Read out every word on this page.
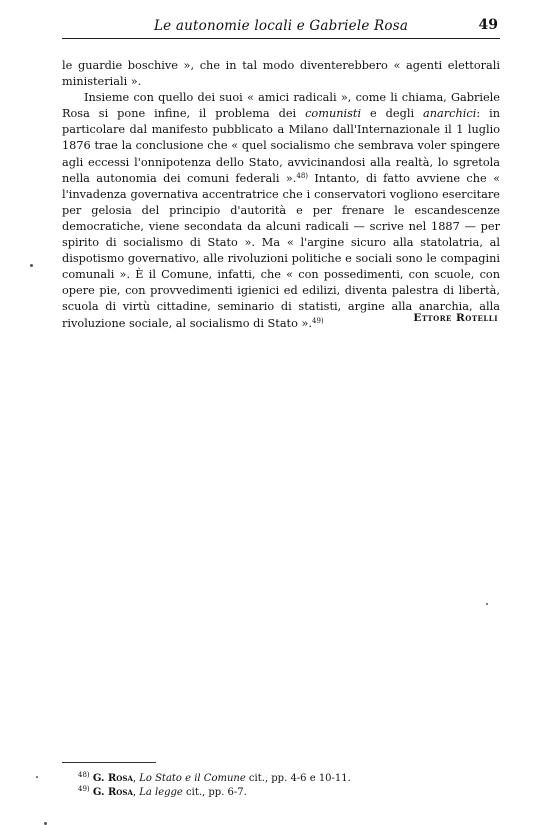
Le autonomie locali e Gabriele Rosa	49

le guardie boschive », che in tal modo diventerebbero « agenti elettorali ministeriali ».

Insieme con quello dei suoi « amici radicali », come li chiama, Gabriele Rosa si pone infine, il problema dei comunisti e degli anarchici: in particolare dal manifesto pubblicato a Milano dall'Internazionale il 1 luglio 1876 trae la conclusione che « quel socialismo che sembrava voler spingere agli eccessi l'onnipotenza dello Stato, avvicinandosi alla realtà, lo sgretola nella autonomia dei comuni federali ».$^{48)}$ Intanto, di fatto avviene che « l'invadenza governativa accentratrice che i conservatori vogliono esercitare per gelosia del principio d'autorità e per frenare le escandescenze democratiche, viene secondata da alcuni radicali — scrive nel 1887 — per spirito di socialismo di Stato ». Ma « l'argine sicuro alla statolatria, al dispotismo governativo, alle rivoluzioni politiche e sociali sono le compagini comunali ». È il Comune, infatti, che « con possedimenti, con scuole, con opere pie, con provvedimenti igienici ed edilizi, diventa palestra di libertà, scuola di virtù cittadine, seminario di statisti, argine alla anarchia, alla rivoluzione sociale, al socialismo di Stato ».$^{49)}$	Ettore Rotelli
$^{48)}$ G. Rosa, Lo Stato e il Comune cit., pp. 4-6 e 10-11.
$^{49)}$ G. Rosa, La legge cit., pp. 6-7.
